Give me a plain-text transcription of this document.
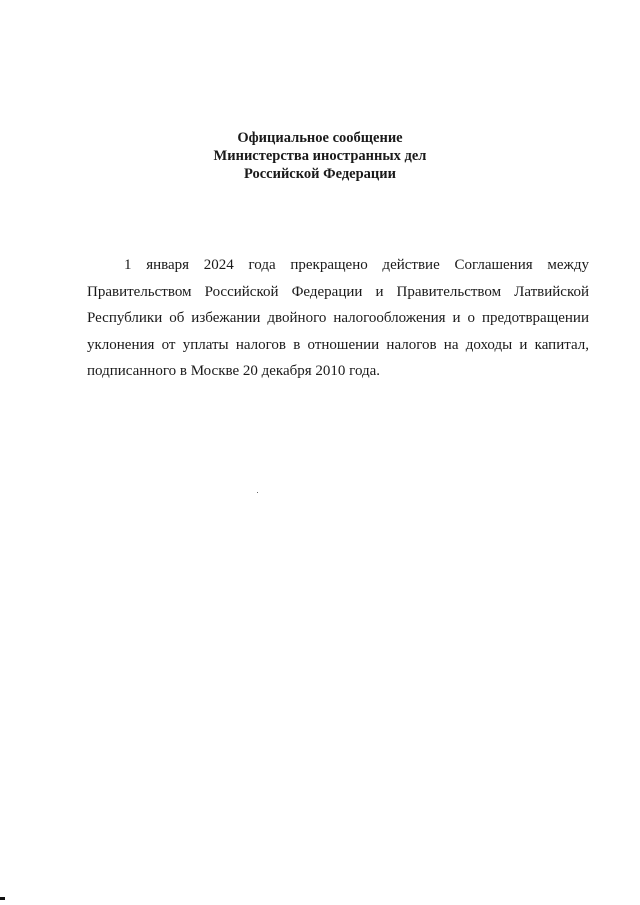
Официальное сообщение
Министерства иностранных дел
Российской Федерации

1 января 2024 года прекращено действие Соглашения между Правительством Российской Федерации и Правительством Латвийской Республики об избежании двойного налогообложения и о предотвращении уклонения от уплаты налогов в отношении налогов на доходы и капитал, подписанного в Москве 20 декабря 2010 года.
